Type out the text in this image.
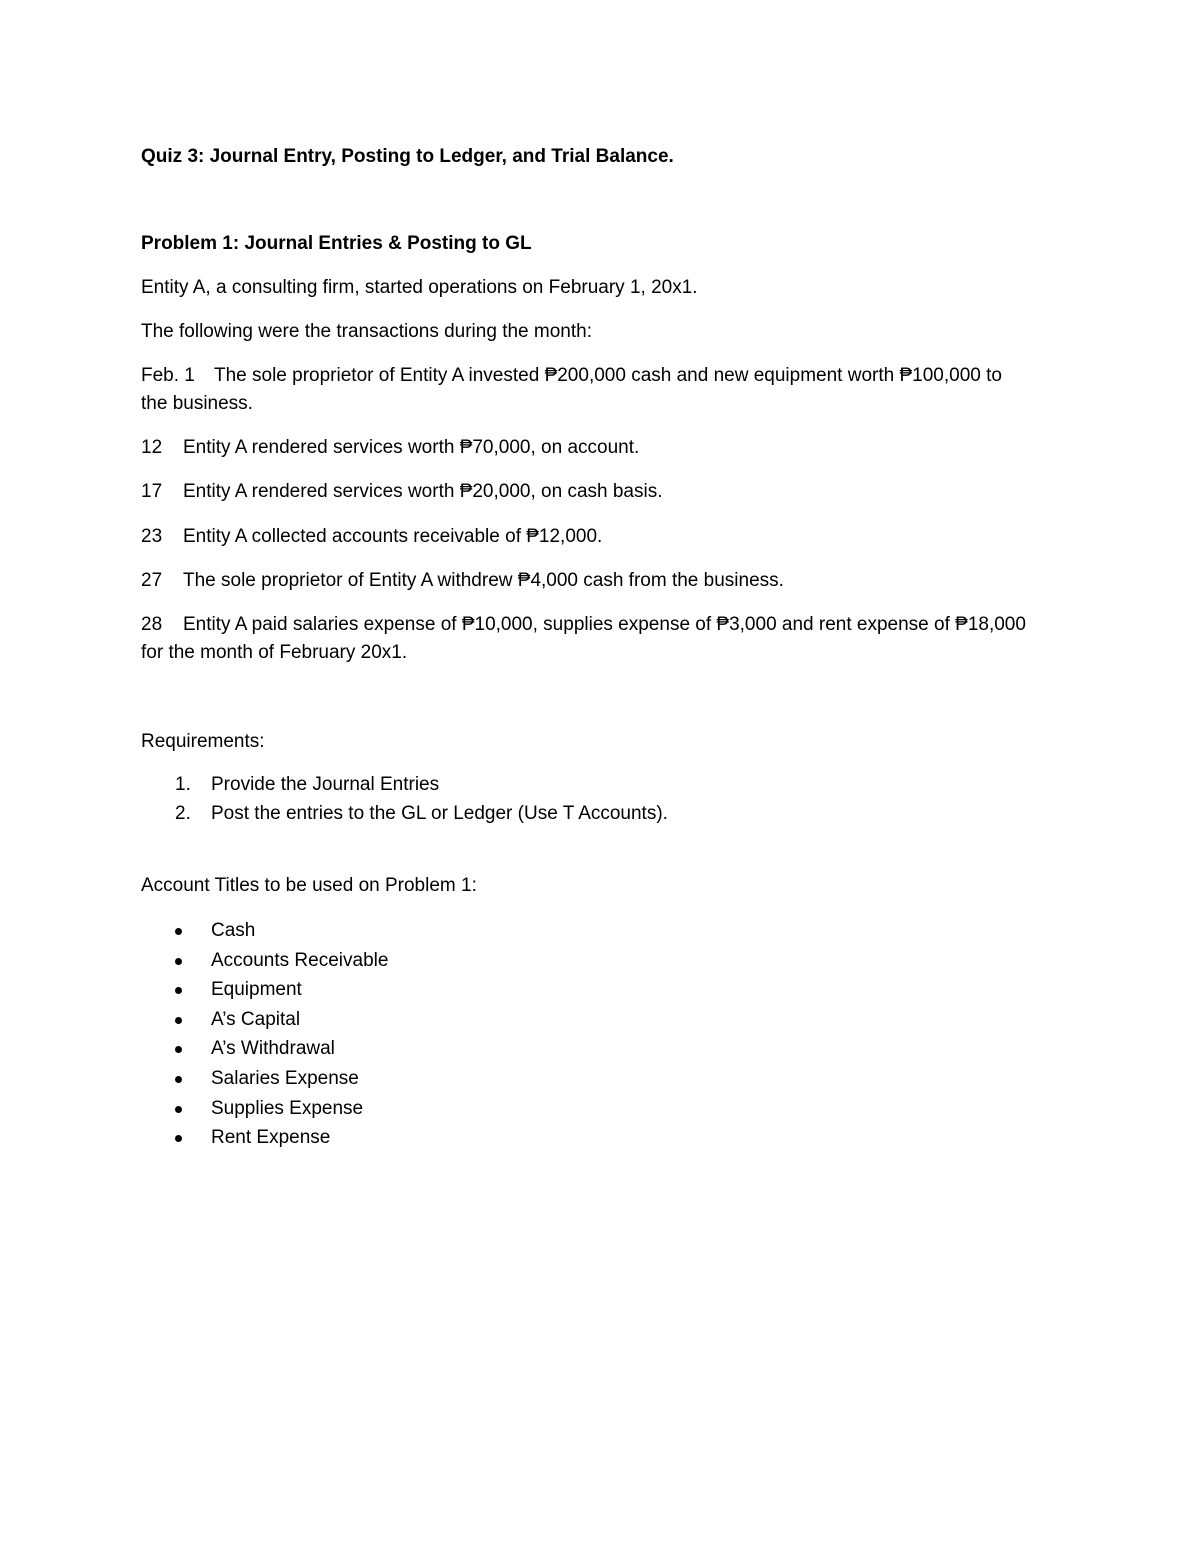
Quiz 3: Journal Entry, Posting to Ledger, and Trial Balance.
Problem 1: Journal Entries & Posting to GL
Entity A, a consulting firm, started operations on February 1, 20x1.
The following were the transactions during the month:
Feb. 1 The sole proprietor of Entity A invested ₱200,000 cash and new equipment worth ₱100,000 to
the business.
12 Entity A rendered services worth ₱70,000, on account.
17 Entity A rendered services worth ₱20,000, on cash basis.
23 Entity A collected accounts receivable of ₱12,000.
27 The sole proprietor of Entity A withdrew ₱4,000 cash from the business.
28 Entity A paid salaries expense of ₱10,000, supplies expense of ₱3,000 and rent expense of ₱18,000
for the month of February 20x1.
Requirements:
1. Provide the Journal Entries
2. Post the entries to the GL or Ledger (Use T Accounts).
Account Titles to be used on Problem 1:
Cash
Accounts Receivable
Equipment
A’s Capital
A’s Withdrawal
Salaries Expense
Supplies Expense
Rent Expense
